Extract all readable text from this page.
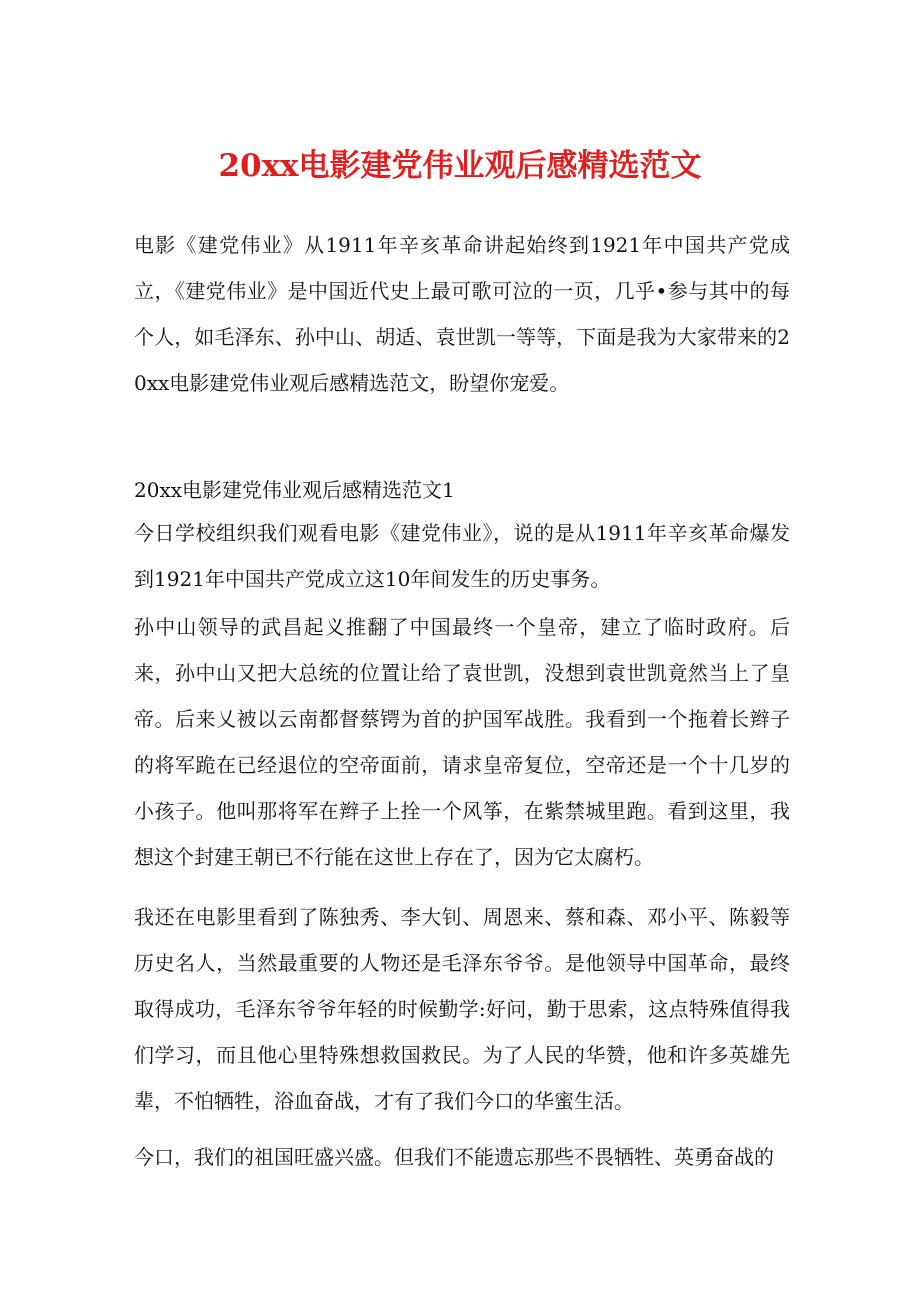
20xx电影建党伟业观后感精选范文

电影《建党伟业》从1911年辛亥革命讲起始终到1921年中国共产党成立，《建党伟业》是中国近代史上最可歌可泣的一页，几乎•参与其中的每个人，如毛泽东、孙中山、胡适、袁世凯一等等，下面是我为大家带来的20xx电影建党伟业观后感精选范文，盼望你宠爱。

20xx电影建党伟业观后感精选范文1

今日学校组织我们观看电影《建党伟业》，说的是从1911年辛亥革命爆发到1921年中国共产党成立这10年间发生的历史事务。

孙中山领导的武昌起义推翻了中国最终一个皇帝，建立了临时政府。后来，孙中山又把大总统的位置让给了袁世凯，没想到袁世凯竟然当上了皇帝。后来乂被以云南都督蔡锷为首的护国军战胜。我看到一个拖着长辫子的将军跪在已经退位的空帝面前，请求皇帝复位，空帝还是一个十几岁的小孩子。他叫那将军在辫子上拴一个风筝，在紫禁城里跑。看到这里，我想这个封建王朝已不行能在这世上存在了，因为它太腐朽。

我还在电影里看到了陈独秀、李大钊、周恩来、蔡和森、邓小平、陈毅等历史名人，当然最重要的人物还是毛泽东爷爷。是他领导中国革命，最终取得成功，毛泽东爷爷年轻的时候勤学:好问，勤于思索，这点特殊值得我们学习，而且他心里特殊想救国救民。为了人民的华赞，他和许多英雄先辈，不怕牺牲，浴血奋战，才有了我们今口的华蜜生活。

今口，我们的祖国旺盛兴盛。但我们不能遗忘那些不畏牺牲、英勇奋战的
